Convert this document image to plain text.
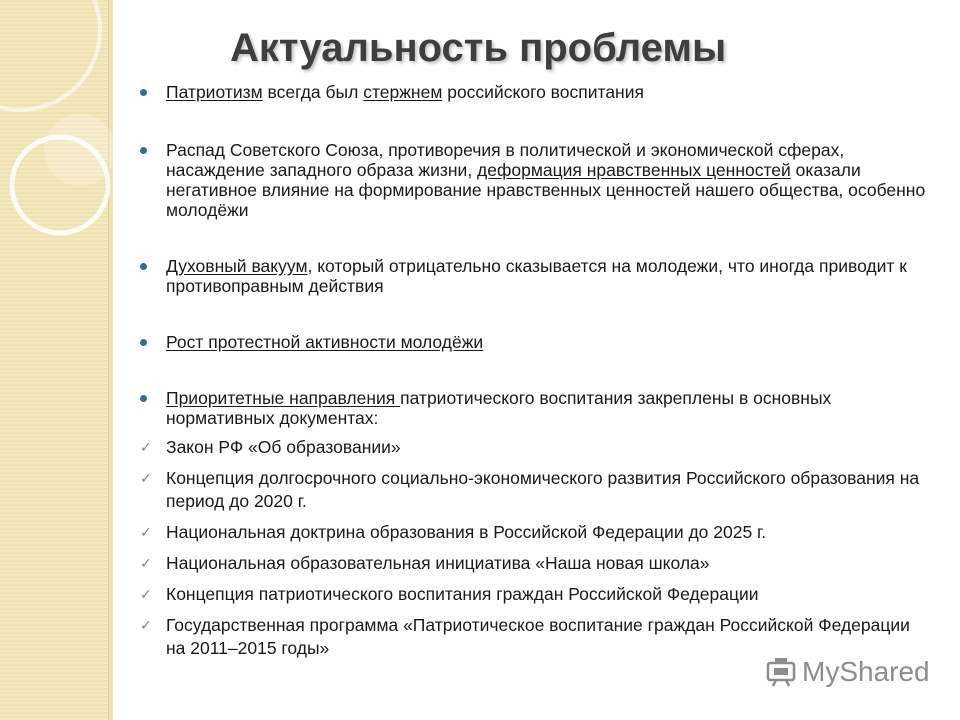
Актуальность проблемы
Патриотизм всегда был стержнем российского воспитания
Распад Советского Союза, противоречия в политической и экономической сферах, насаждение западного образа жизни, деформация нравственных ценностей оказали негативное влияние на формирование нравственных ценностей нашего общества, особенно молодёжи
Духовный вакуум, который отрицательно сказывается на молодежи, что иногда приводит к противоправным действия
Рост протестной активности молодёжи
Приоритетные направления патриотического воспитания закреплены в основных нормативных документах:
✓ Закон РФ «Об образовании»
✓ Концепция долгосрочного социально-экономического развития Российского образования на период до 2020 г.
✓ Национальная доктрина образования в Российской Федерации до 2025 г.
✓ Национальная образовательная инициатива «Наша новая школа»
✓ Концепция патриотического воспитания граждан Российской Федерации
✓ Государственная программа «Патриотическое воспитание граждан Российской Федерации на 2011–2015 годы»
MyShared
